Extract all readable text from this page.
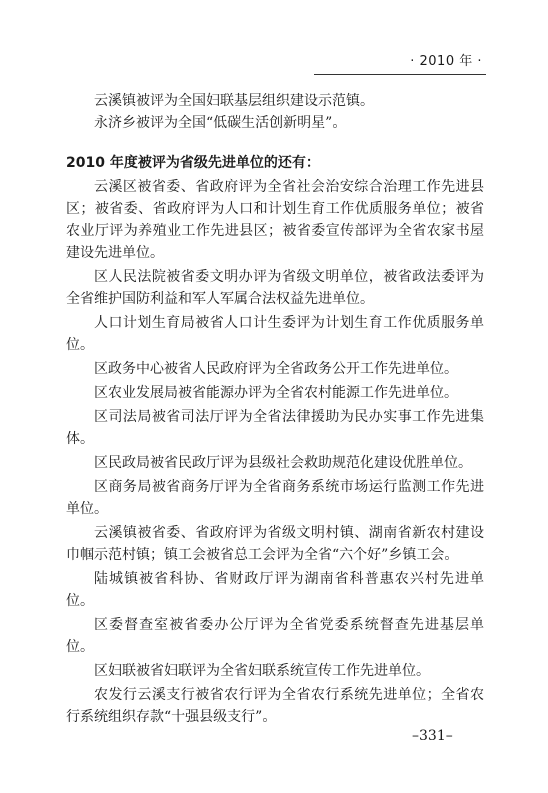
· 2010 年 ·

云溪镇被评为全国妇联基层组织建设示范镇。

永济乡被评为全国“低碳生活创新明星”。

2010 年度被评为省级先进单位的还有：

云溪区被省委、省政府评为全省社会治安综合治理工作先进县区；被省委、省政府评为人口和计划生育工作优质服务单位；被省农业厅评为养殖业工作先进县区；被省委宣传部评为全省农家书屋建设先进单位。

区人民法院被省委文明办评为省级文明单位，被省政法委评为全省维护国防利益和军人军属合法权益先进单位。

人口计划生育局被省人口计生委评为计划生育工作优质服务单位。

区政务中心被省人民政府评为全省政务公开工作先进单位。

区农业发展局被省能源办评为全省农村能源工作先进单位。

区司法局被省司法厅评为全省法律援助为民办实事工作先进集体。

区民政局被省民政厅评为县级社会救助规范化建设优胜单位。

区商务局被省商务厅评为全省商务系统市场运行监测工作先进单位。

云溪镇被省委、省政府评为省级文明村镇、湖南省新农村建设巾帼示范村镇；镇工会被省总工会评为全省“六个好”乡镇工会。

陆城镇被省科协、省财政厅评为湖南省科普惠农兴村先进单位。

区委督查室被省委办公厅评为全省党委系统督查先进基层单位。

区妇联被省妇联评为全省妇联系统宣传工作先进单位。

农发行云溪支行被省农行评为全省农行系统先进单位；全省农行系统组织存款“十强县级支行”。

–331–
